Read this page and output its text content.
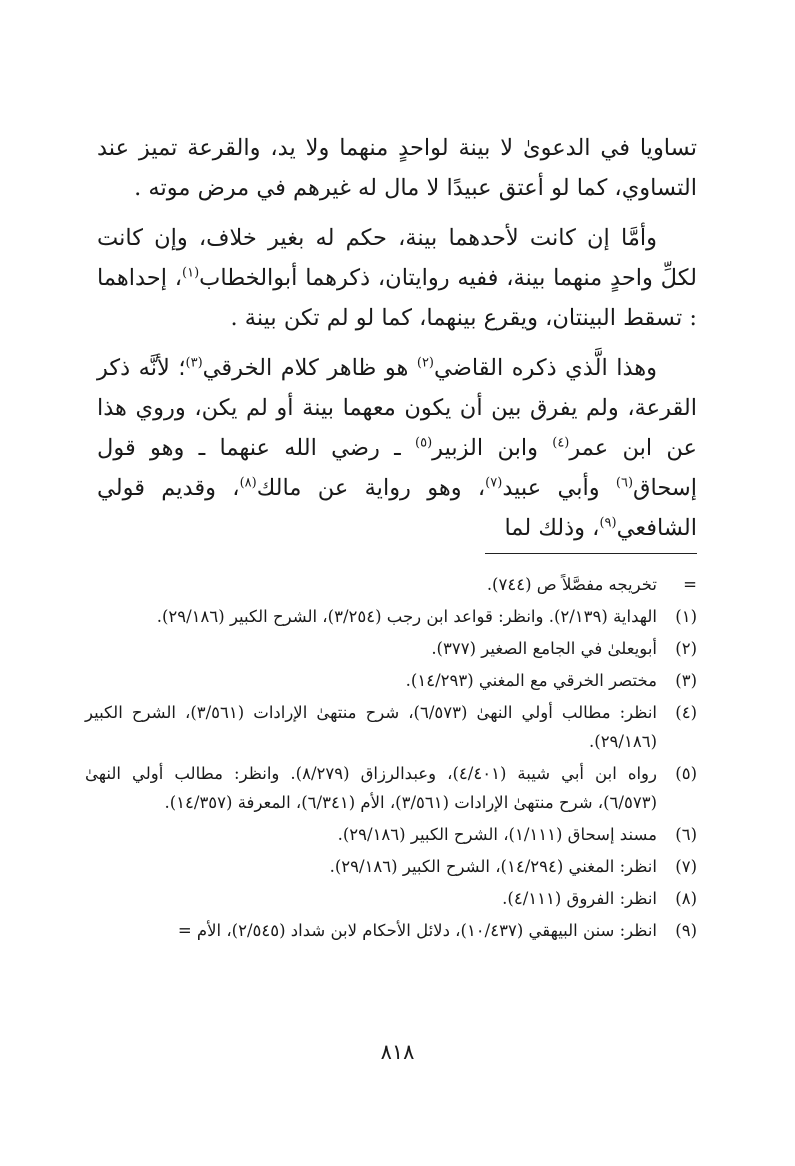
تساويا في الدعوىٰ لا بينة لواحدٍ منهما ولا يد، والقرعة تميز عند التساوي، كما لو أعتق عبيدًا لا مال له غيرهم في مرض موته .

وأمَّا إن كانت لأحدهما بينة، حكم له بغير خلاف، وإن كانت لكلِّ واحدٍ منهما بينة، ففيه روايتان، ذكرهما أبوالخطاب$^{(١)}$، إحداهما : تسقط البينتان، ويقرع بينهما، كما لو لم تكن بينة .

وهذا الَّذي ذكره القاضي$^{(٢)}$ هو ظاهر كلام الخرقي$^{(٣)}$؛ لأنَّه ذكر القرعة، ولم يفرق بين أن يكون معهما بينة أو لم يكن، وروي هذا عن ابن عمر$^{(٤)}$ وابن الزبير$^{(٥)}$ ـ رضي الله عنهما ـ وهو قول إسحاق$^{(٦)}$ وأبي عبيد$^{(٧)}$، وهو رواية عن مالك$^{(٨)}$، وقديم قولي الشافعي$^{(٩)}$، وذلك لما

=
تخريجه مفصَّلاً ص (٧٤٤).
(١)
الهداية (٢/١٣٩). وانظر: قواعد ابن رجب (٣/٢٥٤)، الشرح الكبير (٢٩/١٨٦).
(٢)
أبويعلىٰ في الجامع الصغير (٣٧٧).
(٣)
مختصر الخرقي مع المغني (١٤/٢٩٣).
(٤)
انظر: مطالب أولي النهىٰ (٦/٥٧٣)، شرح منتهىٰ الإرادات (٣/٥٦١)، الشرح الكبير (٢٩/١٨٦).
(٥)
رواه ابن أبي شيبة (٤/٤٠١)، وعبدالرزاق (٨/٢٧٩). وانظر: مطالب أولي النهىٰ (٦/٥٧٣)، شرح منتهىٰ الإرادات (٣/٥٦١)، الأم (٦/٣٤١)، المعرفة (١٤/٣٥٧).
(٦)
مسند إسحاق (١/١١١)، الشرح الكبير (٢٩/١٨٦).
(٧)
انظر: المغني (١٤/٢٩٤)، الشرح الكبير (٢٩/١٨٦).
(٨)
انظر: الفروق (٤/١١١).
(٩)
انظر: سنن البيهقي (١٠/٤٣٧)، دلائل الأحكام لابن شداد (٢/٥٤٥)، الأم =
٨١٨
